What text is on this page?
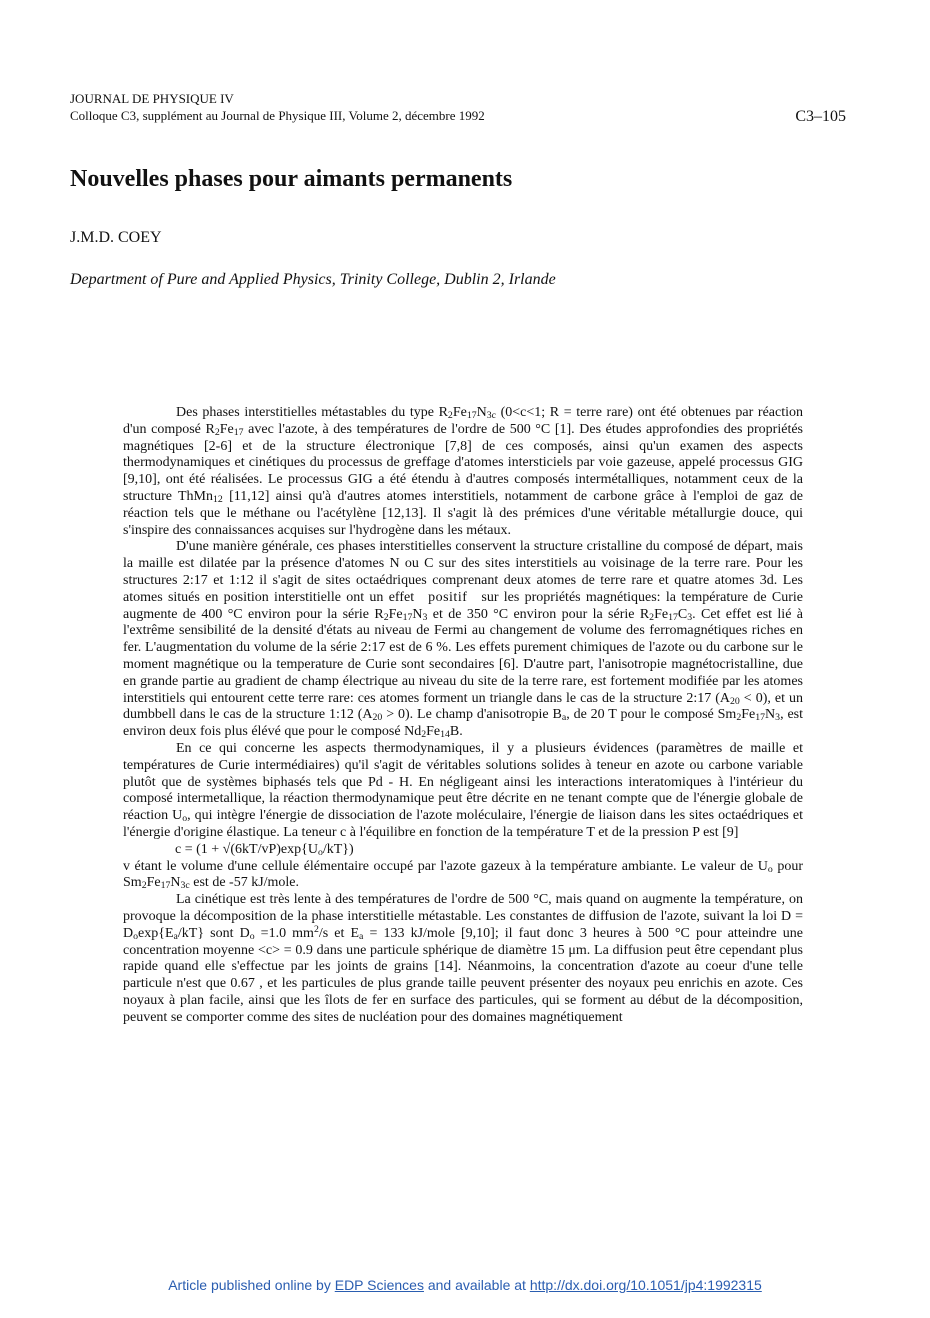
JOURNAL DE PHYSIQUE IV
Colloque C3, supplément au Journal de Physique III, Volume 2, décembre 1992	C3–105
Nouvelles phases pour aimants permanents
J.M.D. COEY
Department of Pure and Applied Physics, Trinity College, Dublin 2, Irlande

Des phases interstitielles métastables du type $R_2Fe_{17}N_{3c}$ (0<c<1; R = terre rare) ont été obtenues par réaction d'un composé $R_2Fe_{17}$ avec l'azote, à des températures de l'ordre de 500 °C [1]. Des études approfondies des propriétés magnétiques [2-6] et de la structure électronique [7,8] de ces composés, ainsi qu'un examen des aspects thermodynamiques et cinétiques du processus de greffage d'atomes intersticiels par voie gazeuse, appelé processus GIG [9,10], ont été réalisées. Le processus GIG a été étendu à d'autres composés intermétalliques, notamment ceux de la structure ThMn$_{12}$ [11,12] ainsi qu'à d'autres atomes interstitiels, notamment de carbone grâce à l'emploi de gaz de réaction tels que le méthane ou l'acétylène [12,13]. Il s'agit là des prémices d'une véritable métallurgie douce, qui s'inspire des connaissances acquises sur l'hydrogène dans les métaux.

D'une manière générale, ces phases interstitielles conservent la structure cristalline du composé de départ, mais la maille est dilatée par la présence d'atomes N ou C sur des sites interstitiels au voisinage de la terre rare. Pour les structures 2:17 et 1:12 il s'agit de sites octaédriques comprenant deux atomes de terre rare et quatre atomes 3d. Les atomes situés en position interstitielle ont un effet positif sur les propriétés magnétiques: la température de Curie augmente de 400 °C environ pour la série $R_2Fe_{17}N_3$ et de 350 °C environ pour la série $R_2Fe_{17}C_3$. Cet effet est lié à l'extrême sensibilité de la densité d'états au niveau de Fermi au changement de volume des ferromagnétiques riches en fer. L'augmentation du volume de la série 2:17 est de 6 %. Les effets purement chimiques de l'azote ou du carbone sur le moment magnétique ou la temperature de Curie sont secondaires [6]. D'autre part, l'anisotropie magnétocristalline, due en grande partie au gradient de champ électrique au niveau du site de la terre rare, est fortement modifiée par les atomes interstitiels qui entourent cette terre rare: ces atomes forment un triangle dans le cas de la structure 2:17 $(A_{20} < 0)$, et un dumbbell dans le cas de la structure 1:12 $(A_{20} > 0)$. Le champ d'anisotropie $B_a$, de 20 T pour le composé $Sm_2Fe_{17}N_3$, est environ deux fois plus élévé que pour le composé $Nd_2Fe_{14}B$.

En ce qui concerne les aspects thermodynamiques, il y a plusieurs évidences (paramètres de maille et températures de Curie intermédiaires) qu'il s'agit de véritables solutions solides à teneur en azote ou carbone variable plutôt que de systèmes biphasés tels que Pd - H. En négligeant ainsi les interactions interatomiques à l'intérieur du composé intermetallique, la réaction thermodynamique peut être décrite en ne tenant compte que de l'énergie globale de réaction $U_o$, qui intègre l'énergie de dissociation de l'azote moléculaire, l'énergie de liaison dans les sites octaédriques et l'énergie d'origine élastique. La teneur c à l'équilibre en fonction de la température T et de la pression P est [9]

$c = (1 + √(6kT/vP)\exp\{U_o/kT\})$

v étant le volume d'une cellule élémentaire occupé par l'azote gazeux à la température ambiante. Le valeur de $U_o$ pour $Sm_2Fe_{17}N_{3c}$ est de -57 kJ/mole.

La cinétique est très lente à des températures de l'ordre de 500 °C, mais quand on augmente la température, on provoque la décomposition de la phase interstitielle métastable. Les constantes de diffusion de l'azote, suivant la loi $D = D_o\exp\{E_a/kT\}$ sont $D_o =1.0$ $mm^2/s$ et $E_a = 133$ kJ/mole [9,10]; il faut donc 3 heures à 500 °C pour atteindre une concentration moyenne <c> = 0.9 dans une particule sphérique de diamètre 15 μm. La diffusion peut être cependant plus rapide quand elle s'effectue par les joints de grains [14]. Néanmoins, la concentration d'azote au coeur d'une telle particule n'est que 0.67 , et les particules de plus grande taille peuvent présenter des noyaux peu enrichis en azote. Ces noyaux à plan facile, ainsi que les îlots de fer en surface des particules, qui se forment au début de la décomposition, peuvent se comporter comme des sites de nucléation pour des domaines magnétiquement

Article published online by EDP Sciences and available at http://dx.doi.org/10.1051/jp4:1992315
